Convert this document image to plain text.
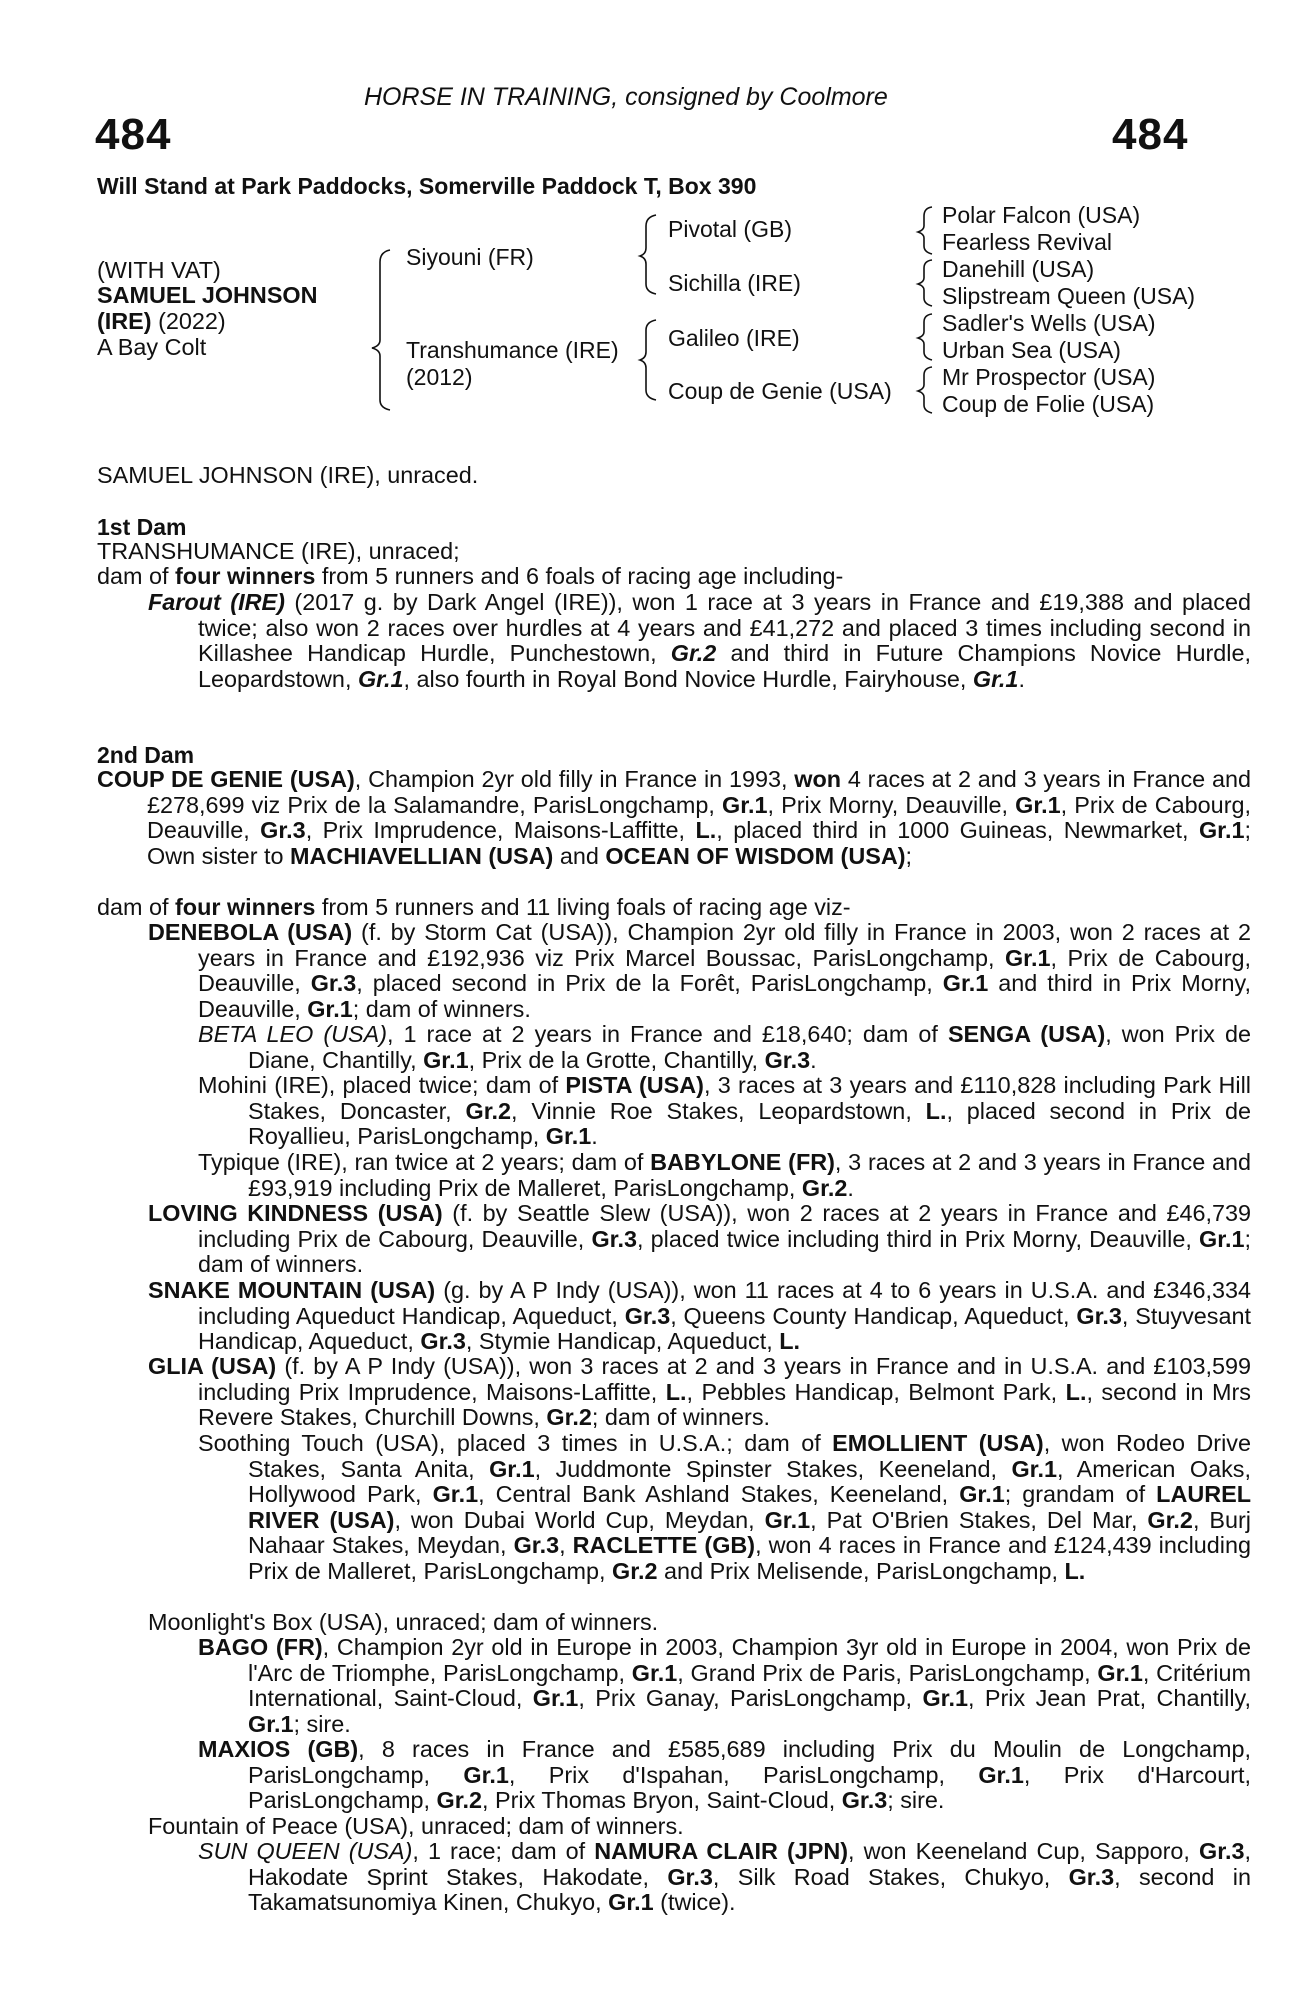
HORSE IN TRAINING, consigned by Coolmore
484	484
Will Stand at Park Paddocks, Somerville Paddock T, Box 390
(WITH VAT)
SAMUEL JOHNSON
(IRE) (2022)
A Bay Colt
Siyouni (FR)
Transhumance (IRE)
(2012)
Pivotal (GB)
Sichilla (IRE)
Galileo (IRE)
Coup de Genie (USA)
Polar Falcon (USA)
Fearless Revival
Danehill (USA)
Slipstream Queen (USA)
Sadler's Wells (USA)
Urban Sea (USA)
Mr Prospector (USA)
Coup de Folie (USA)
SAMUEL JOHNSON (IRE), unraced.
1st Dam
TRANSHUMANCE (IRE), unraced;
dam of four winners from 5 runners and 6 foals of racing age including-
Farout (IRE) (2017 g. by Dark Angel (IRE)), won 1 race at 3 years in France and £19,388 and placed twice; also won 2 races over hurdles at 4 years and £41,272 and placed 3 times including second in Killashee Handicap Hurdle, Punchestown, Gr.2 and third in Future Champions Novice Hurdle, Leopardstown, Gr.1, also fourth in Royal Bond Novice Hurdle, Fairyhouse, Gr.1.
2nd Dam
COUP DE GENIE (USA), Champion 2yr old filly in France in 1993, won 4 races at 2 and 3 years in France and £278,699 viz Prix de la Salamandre, ParisLongchamp, Gr.1, Prix Morny, Deauville, Gr.1, Prix de Cabourg, Deauville, Gr.3, Prix Imprudence, Maisons-Laffitte, L., placed third in 1000 Guineas, Newmarket, Gr.1; Own sister to MACHIAVELLIAN (USA) and OCEAN OF WISDOM (USA);
dam of four winners from 5 runners and 11 living foals of racing age viz-
DENEBOLA (USA) (f. by Storm Cat (USA)), Champion 2yr old filly in France in 2003, won 2 races at 2 years in France and £192,936 viz Prix Marcel Boussac, ParisLongchamp, Gr.1, Prix de Cabourg, Deauville, Gr.3, placed second in Prix de la Forêt, ParisLongchamp, Gr.1 and third in Prix Morny, Deauville, Gr.1; dam of winners.
BETA LEO (USA), 1 race at 2 years in France and £18,640; dam of SENGA (USA), won Prix de Diane, Chantilly, Gr.1, Prix de la Grotte, Chantilly, Gr.3.
Mohini (IRE), placed twice; dam of PISTA (USA), 3 races at 3 years and £110,828 including Park Hill Stakes, Doncaster, Gr.2, Vinnie Roe Stakes, Leopardstown, L., placed second in Prix de Royallieu, ParisLongchamp, Gr.1.
Typique (IRE), ran twice at 2 years; dam of BABYLONE (FR), 3 races at 2 and 3 years in France and £93,919 including Prix de Malleret, ParisLongchamp, Gr.2.
LOVING KINDNESS (USA) (f. by Seattle Slew (USA)), won 2 races at 2 years in France and £46,739 including Prix de Cabourg, Deauville, Gr.3, placed twice including third in Prix Morny, Deauville, Gr.1; dam of winners.
SNAKE MOUNTAIN (USA) (g. by A P Indy (USA)), won 11 races at 4 to 6 years in U.S.A. and £346,334 including Aqueduct Handicap, Aqueduct, Gr.3, Queens County Handicap, Aqueduct, Gr.3, Stuyvesant Handicap, Aqueduct, Gr.3, Stymie Handicap, Aqueduct, L.
GLIA (USA) (f. by A P Indy (USA)), won 3 races at 2 and 3 years in France and in U.S.A. and £103,599 including Prix Imprudence, Maisons-Laffitte, L., Pebbles Handicap, Belmont Park, L., second in Mrs Revere Stakes, Churchill Downs, Gr.2; dam of winners.
Soothing Touch (USA), placed 3 times in U.S.A.; dam of EMOLLIENT (USA), won Rodeo Drive Stakes, Santa Anita, Gr.1, Juddmonte Spinster Stakes, Keeneland, Gr.1, American Oaks, Hollywood Park, Gr.1, Central Bank Ashland Stakes, Keeneland, Gr.1; grandam of LAUREL RIVER (USA), won Dubai World Cup, Meydan, Gr.1, Pat O'Brien Stakes, Del Mar, Gr.2, Burj Nahaar Stakes, Meydan, Gr.3, RACLETTE (GB), won 4 races in France and £124,439 including Prix de Malleret, ParisLongchamp, Gr.2 and Prix Melisende, ParisLongchamp, L.
Moonlight's Box (USA), unraced; dam of winners.
BAGO (FR), Champion 2yr old in Europe in 2003, Champion 3yr old in Europe in 2004, won Prix de l'Arc de Triomphe, ParisLongchamp, Gr.1, Grand Prix de Paris, ParisLongchamp, Gr.1, Critérium International, Saint-Cloud, Gr.1, Prix Ganay, ParisLongchamp, Gr.1, Prix Jean Prat, Chantilly, Gr.1; sire.
MAXIOS (GB), 8 races in France and £585,689 including Prix du Moulin de Longchamp, ParisLongchamp, Gr.1, Prix d'Ispahan, ParisLongchamp, Gr.1, Prix d'Harcourt, ParisLongchamp, Gr.2, Prix Thomas Bryon, Saint-Cloud, Gr.3; sire.
Fountain of Peace (USA), unraced; dam of winners.
SUN QUEEN (USA), 1 race; dam of NAMURA CLAIR (JPN), won Keeneland Cup, Sapporo, Gr.3, Hakodate Sprint Stakes, Hakodate, Gr.3, Silk Road Stakes, Chukyo, Gr.3, second in Takamatsunomiya Kinen, Chukyo, Gr.1 (twice).
